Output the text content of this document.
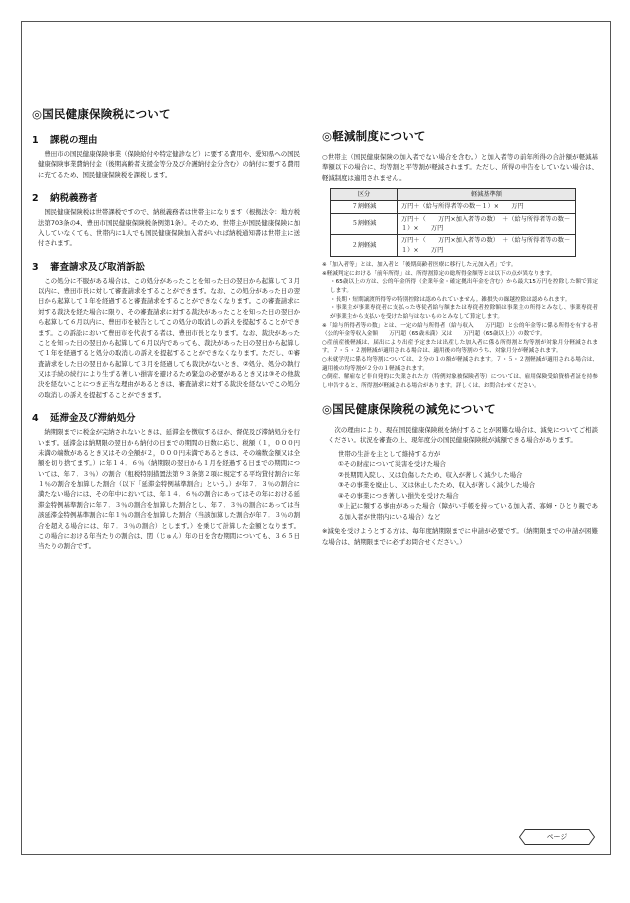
◎国民健康保険税について
1 課税の理由

豊田市の国民健康保険事業（保険給付や特定健診など）に要する費用や、愛知県への国民健康保険事業費納付金（後期高齢者支援金等分及び介護納付金分含む）の納付に要する費用に充てるため、国民健康保険税を課税します。

2 納税義務者

国民健康保険税は世帯課税ですので、納税義務者は世帯主になります（根拠法令：地方税法第703条の4、豊田市国民健康保険税条例第1条）。そのため、世帯主が国民健康保険に加入していなくても、世帯内に1人でも国民健康保険加入者がいれば納税通知書は世帯主に送付されます。

3 審査請求及び取消訴訟

この処分に不服がある場合は、この処分があったことを知った日の翌日から起算して３月以内に、豊田市長に対して審査請求をすることができます。なお、この処分があった日の翌日から起算して１年を経過すると審査請求をすることができなくなります。この審査請求に対する裁決を経た場合に限り、その審査請求に対する裁決があったことを知った日の翌日から起算して６月以内に、豊田市を被告としてこの処分の取消しの訴えを提起することができます。この訴訟において豊田市を代表する者は、豊田市長となります。なお、裁決があったことを知った日の翌日から起算して６月以内であっても、裁決があった日の翌日から起算して１年を経過すると処分の取消しの訴えを提起することができなくなります。ただし、①審査請求をした日の翌日から起算して３月を経過しても裁決がないとき、②処分、処分の執行又は手続の続行により生ずる著しい損害を避けるため緊急の必要があるとき又は③その他裁決を経ないことにつき正当な理由があるときは、審査請求に対する裁決を経ないでこの処分の取消しの訴えを提起することができます。

4 延滞金及び滞納処分

納期限までに税金が完納されないときは、延滞金を徴収するほか、督促及び滞納処分を行います。延滞金は納期限の翌日から納付の日までの期間の日数に応じ、税額（１，０００円未満の端数があるとき又はその全額が２，０００円未満であるときは、その端数金額又は全額を切り捨てます。）に年１４．６％（納期限の翌日から１月を経過する日までの期間については、年７．３％）の割合（租税特別措置法第９３条第２項に規定する平均貸付割合に年１％の割合を加算した割合（以下「延滞金特例基準割合」という。）が年７．３％の割合に満たない場合には、その年中においては、年１４．６％の割合にあってはその年における延滞金特例基準割合に年７．３％の割合を加算した割合とし、年７．３％の割合にあっては当該延滞金特例基準割合に年１％の割合を加算した割合（当該加算した割合が年７．３％の割合を超える場合には、年７．３％の割合）とします。）を乗じて計算した金額となります。この場合における年当たりの割合は、閏（じゅん）年の日を含む期間についても、３６５日当たりの割合です。

◎軽減制度について

○世帯主（国民健康保険の加入者でない場合を含む。）と加入者等の前年所得の合計額が軽減基準額以下の場合に、均等割と平等割が軽減されます。ただし、所得の申告をしていない場合は、軽減制度は適用されません。

区分	軽減基準額
７割軽減	万円＋（給与所得者等の数－１）×　　万円
５割軽減	万円＋（　　万円×加入者等の数）　＋（給与所得者等の数－１）×　　万円
２割軽減	万円＋（　　万円×加入者等の数）　＋（給与所得者等の数－１）×　　万円

※「加入者等」とは、加入者と「後期高齢者医療に移行した元加入者」です。

※軽減判定における「前年所得」は、所得割算定の総所得金額等とは以下の点が異なります。

・65歳以上の方は、公的年金所得（企業年金・確定拠出年金を含む）から最大15万円を控除した額で算定します。

・長期・短期譲渡所得等の特別控除は認められていません。雑損失の繰越控除は認められます。

・事業主が事業専従者に支払った専従者給与額または専従者控除額は事業主の所得とみなし、事業専従者が事業主から支払いを受けた給与はないものとみなして算定します。

※「給与所得者等の数」とは、一定の給与所得者（給与収入　　万円超）と公的年金等に係る所得を有する者（公的年金等収入金額　　万円超（65歳未満）又は　　万円超（65歳以上））の数です。

○産前産後軽減は、届出により出産予定または出産した加入者に係る所得割と均等割が対象月分軽減されます。７・５・２割軽減が適用される場合は、適用後の均等割のうち、対象月分が軽減されます。

○未就学児に係る均等割については、２分の１の額が軽減されます。７・５・２割軽減が適用される場合は、適用後の均等割が２分の１軽減されます。

○倒産、解雇など非自発的に失業された方（特例対象被保険者等）については、雇用保険受給資格者証を持参し申告すると、所得割が軽減される場合があります。詳しくは、お問合わせください。

◎国民健康保険税の減免について

次の理由により、現在国民健康保険税を納付することが困難な場合は、減免についてご相談ください。状況を審査の上、現年度分の国民健康保険税が減額できる場合があります。

世帯の生計を主として維持する方が

①その財産について災害を受けた場合

②長期間入院し、又は負傷したため、収入が著しく減少した場合

③その事業を廃止し、又は休止したため、収入が著しく減少した場合

④その事業につき著しい損失を受けた場合

⑤上記に類する事由があった場合（障がい手帳を持っている加入者、寡婦・ひとり親である加入者が世帯内にいる場合）など

※減免を受けようとする方は、毎年度納期限までに申請が必要です。（納期限までの申請が困難な場合は、納期限までに必ずお問合せください。）

ページ
